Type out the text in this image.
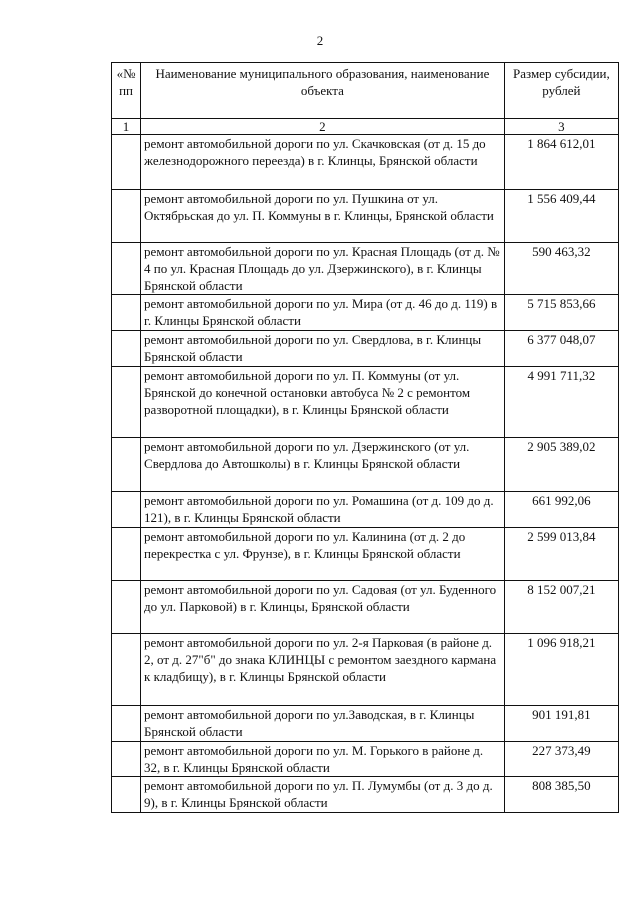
2
«№ пп	Наименование муниципального образования, наименование объекта	Размер субсидии, рублей
1	2	3
	ремонт автомобильной дороги по ул. Скачковская (от д. 15 до железнодорожного переезда) в г. Клинцы, Брянской области	1 864 612,01
	ремонт автомобильной дороги по ул. Пушкина от ул. Октябрьская до ул. П. Коммуны в г. Клинцы, Брянской области	1 556 409,44
	ремонт автомобильной дороги по ул. Красная Площадь (от д. № 4 по ул. Красная Площадь до ул. Дзержинского), в г. Клинцы Брянской области	590 463,32
	ремонт автомобильной дороги по ул. Мира (от д. 46 до д. 119) в г. Клинцы Брянской области	5 715 853,66
	ремонт автомобильной дороги по ул. Свердлова, в г. Клинцы Брянской области	6 377 048,07
	ремонт автомобильной дороги по ул. П. Коммуны (от ул. Брянской до конечной остановки автобуса № 2 с ремонтом разворотной площадки), в г. Клинцы Брянской области	4 991 711,32
	ремонт автомобильной дороги по ул. Дзержинского (от ул. Свердлова до Автошколы) в г. Клинцы Брянской области	2 905 389,02
	ремонт автомобильной дороги по ул. Ромашина (от д. 109 до д. 121), в г. Клинцы Брянской области	661 992,06
	ремонт автомобильной дороги по ул. Калинина (от д. 2 до перекрестка с ул. Фрунзе), в г. Клинцы Брянской области	2 599 013,84
	ремонт автомобильной дороги по ул. Садовая (от ул. Буденного до ул. Парковой) в г. Клинцы, Брянской области	8 152 007,21
	ремонт автомобильной дороги по ул. 2-я Парковая (в районе д. 2, от д. 27"б" до знака КЛИНЦЫ с ремонтом заездного кармана к кладбищу), в г. Клинцы Брянской области	1 096 918,21
	ремонт автомобильной дороги по ул.Заводская, в г. Клинцы Брянской области	901 191,81
	ремонт автомобильной дороги по ул. М. Горького в районе д. 32, в г. Клинцы Брянской области	227 373,49
	ремонт автомобильной дороги по ул. П. Лумумбы (от д. 3 до д. 9), в г. Клинцы Брянской области	808 385,50
